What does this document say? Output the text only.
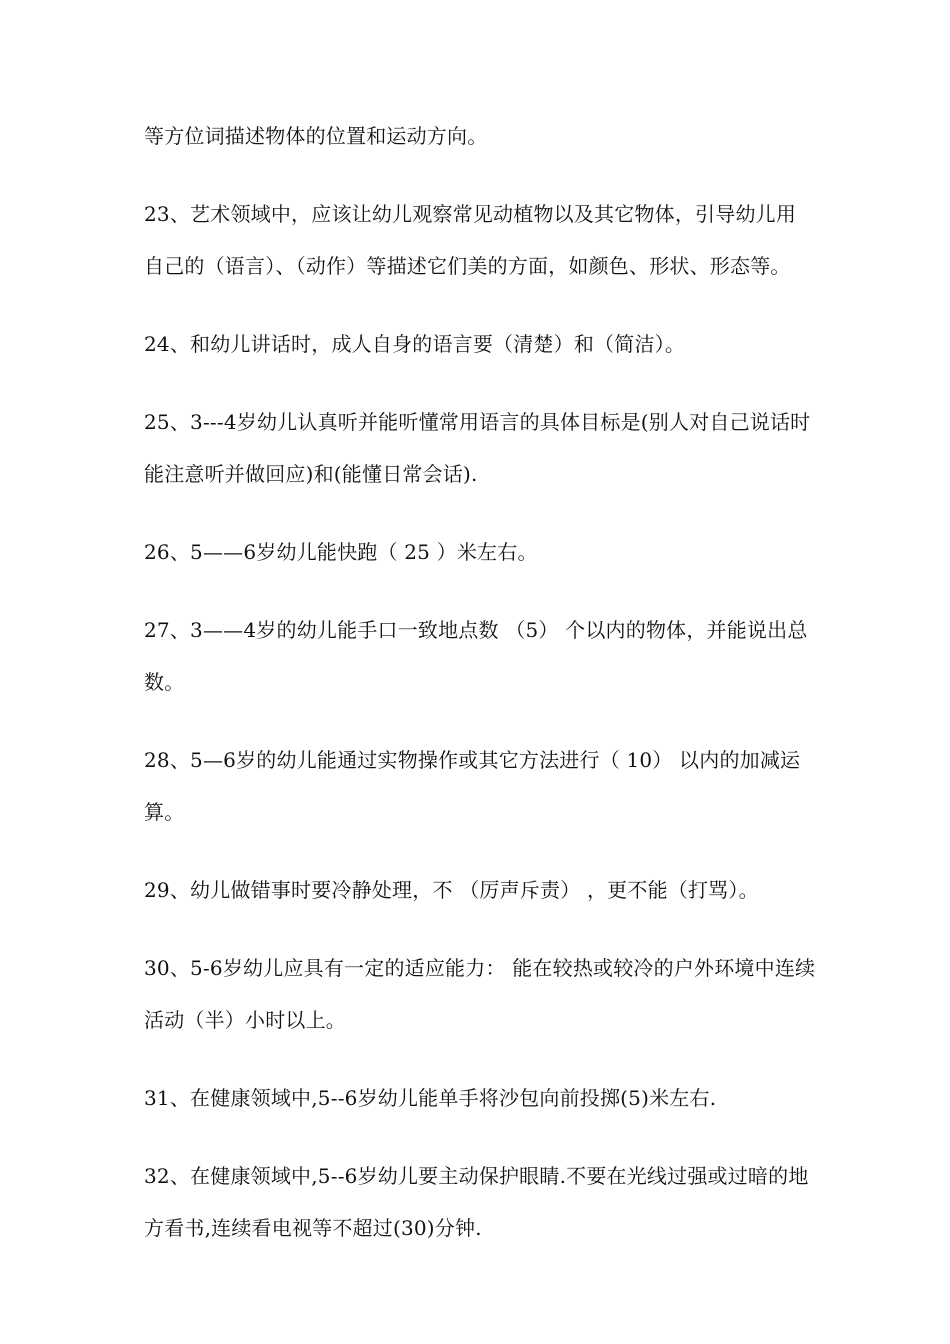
等方位词描述物体的位置和运动方向。

23、艺术领域中，应该让幼儿观察常见动植物以及其它物体，引导幼儿用自己的（语言）、（动作）等描述它们美的方面，如颜色、形状、形态等。

24、和幼儿讲话时，成人自身的语言要（清楚）和（简洁）。

25、3---4岁幼儿认真听并能听懂常用语言的具体目标是(别人对自己说话时能注意听并做回应)和(能懂日常会话).

26、5——6岁幼儿能快跑（ 25 ）米左右。

27、3——4岁的幼儿能手口一致地点数 （5） 个以内的物体，并能说出总数。

28、5—6岁的幼儿能通过实物操作或其它方法进行（ 10） 以内的加减运算。

29、幼儿做错事时要冷静处理，不 （厉声斥责） ，更不能（打骂）。

30、5-6岁幼儿应具有一定的适应能力： 能在较热或较冷的户外环境中连续活动（半）小时以上。

31、在健康领域中,5--6岁幼儿能单手将沙包向前投掷(5)米左右.

32、在健康领域中,5--6岁幼儿要主动保护眼睛.不要在光线过强或过暗的地方看书,连续看电视等不超过(30)分钟.
